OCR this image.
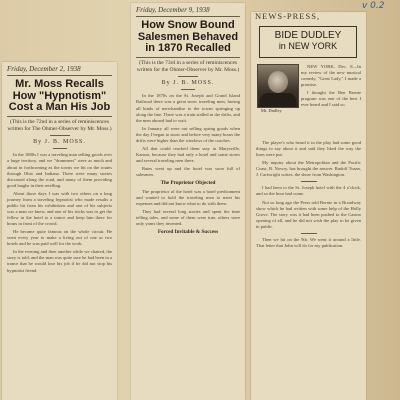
v 0.2
Friday, December 2, 1938
Mr. Moss Recalls
How "Hypnotism"
Cost a Man His Job
(This is the 72nd in a series of reminiscences written for The Ohmer-Observer by Mr. Moss.)
By J. B. MOSS.

In the 1880s I was a traveling man selling goods over a large territory, and we "drummers" were as much and about in forthcoming as the towns we hit on the routes through Ohio and Indiana. There were many stories discussed along the road, and many of them providing good laughs in their retelling.

About those days I was with two others on a long journey from a traveling hypnotist who made results a public hit from his exhibitions and one of his subjects was a man we knew, and one of his tricks was to get the fellow in the hotel to a trance and keep him there for hours in front of the crowd.

He became quite famous on the whole circuit. He went every year to make a living out of one or two hotels and he was paid well for the work.

In the evening and then another while we chatted, the story is told, and the man was quite sure he had been in a trance that he would lose his job if he did not stop his hypnotist friend.

Friday, December 9, 1938
How Snow Bound
Salesmen Behaved
in 1870 Recalled
(This is the 73rd in a series of reminiscences written for the Ohmer-Observer by Mr. Moss.)
By J. B. MOSS.

In the 1870s on the St. Joseph and Grand Island Railroad there was a great snow traveling men, having all kinds of merchandise to the towns springing up along the line. There was a train stalled in the drifts, and the men aboard had to wait.

In January all were out selling spring goods when the day I began to snow and before very many hours the drifts were higher than the windows of the coaches.

All that could reached them stay in Marysville, Kansas, because they had only a hotel and some stores and several traveling men there.

Rates went up and the hotel was soon full of salesmen.

The Proprietor Objected

The proprietor of the hotel was a hotel predicament and wanted to hold the traveling men to meet his expenses and did not know what to do with them.

They had several long stories and spent the time telling tales, and some of them were true, others were only yarns they invented.

Forced Invitable & Success
NEWS-PRESS,
BIDE DUDLEY
in NEW YORK
Mr. Dudley

NEW YORK, Dec. 8—In my review of the new musical comedy, "Great Lady," I made a promise.

I thought the Ben Bernie program was one of the best I ever heard and I said so.

The player's who heard it in the play had some good things to say about it and said they liked the way the lines were put.

My inquiry about the Metropolitan and the Pacific Coast, B. Nowry, has brought the answer. Rudolf Tusan, J. Cartwright writes, the show from Washington.

I had been to the St. Joseph hotel with the 4 o'clock, and so the hour had come.

Not so long ago the Press told Bernie in a Broadway show which he had written with some help of the Holly Grove. The story was it had been pushed to the Casino opening of all, and he did not wish the play to be given in public.

Then we hit on the 9th. We went it around a little. That letter that John will do for my publication.
